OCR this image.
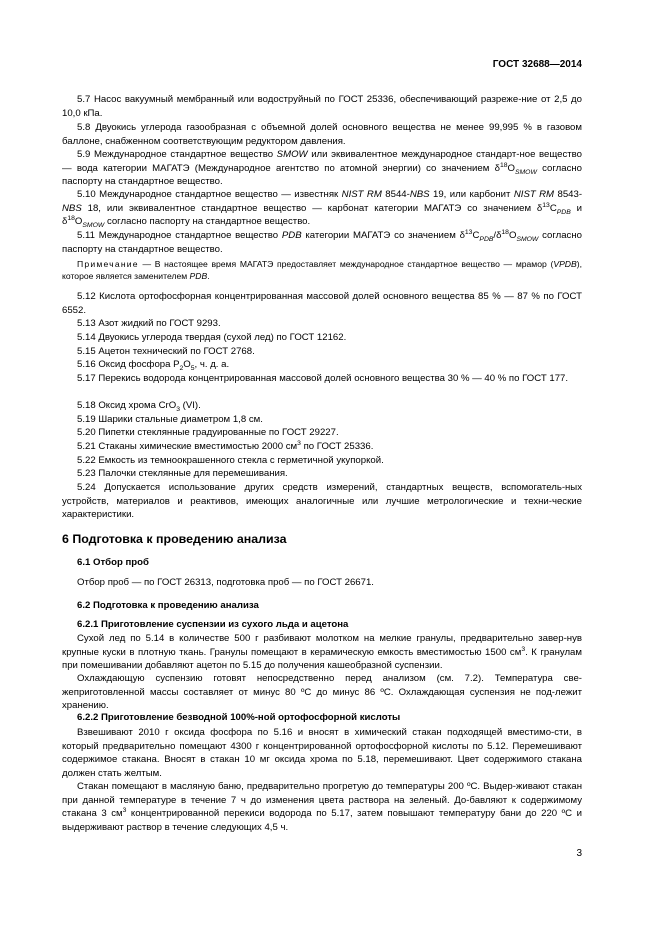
ГОСТ 32688—2014

5.7 Насос вакуумный мембранный или водоструйный по ГОСТ 25336, обеспечивающий разреже-ние от 2,5 до 10,0 кПа.

5.8 Двуокись углерода газообразная с объемной долей основного вещества не менее 99,995 % в газовом баллоне, снабженном соответствующим редуктором давления.

5.9 Международное стандартное вещество SMOW или эквивалентное международное стандарт-ное вещество — вода категории МАГАТЭ (Международное агентство по атомной энергии) со значением $\delta^{18}O_{SMOW}$ согласно паспорту на стандартное вещество.

5.10 Международное стандартное вещество — известняк NIST RM 8544-NBS 19, или карбонит NIST RM 8543-NBS 18, или эквивалентное стандартное вещество — карбонат категории МАГАТЭ со значением $\delta^{13}C_{PDB}$ и $\delta^{18}O_{SMOW}$ согласно паспорту на стандартное вещество.

5.11 Международное стандартное вещество PDB категории МАГАТЭ со значением $\delta^{13}C_{PDB}/\delta^{18}O_{SMOW}$ согласно паспорту на стандартное вещество.

Примечание — В настоящее время МАГАТЭ предоставляет международное стандартное вещество — мрамор (VPDB), которое является заменителем PDB.

5.12 Кислота ортофосфорная концентрированная массовой долей основного вещества 85 % — 87 % по ГОСТ 6552.

5.13 Азот жидкий по ГОСТ 9293.

5.14 Двуокись углерода твердая (сухой лед) по ГОСТ 12162.

5.15 Ацетон технический по ГОСТ 2768.

5.16 Оксид фосфора $P_2O_5$, ч. д. а.

5.17 Перекись водорода концентрированная массовой долей основного вещества 30 % — 40 % по ГОСТ 177.

5.18 Оксид хрома CrO$_3$ (VI).

5.19 Шарики стальные диаметром 1,8 см.

5.20 Пипетки стеклянные градуированные по ГОСТ 29227.

5.21 Стаканы химические вместимостью 2000 $см^3$ по ГОСТ 25336.

5.22 Емкость из темноокрашенного стекла с герметичной укупоркой.

5.23 Палочки стеклянные для перемешивания.

5.24 Допускается использование других средств измерений, стандартных веществ, вспомогатель-ных устройств, материалов и реактивов, имеющих аналогичные или лучшие метрологические и техни-ческие характеристики.

6 Подготовка к проведению анализа
6.1 Отбор проб

Отбор проб — по ГОСТ 26313, подготовка проб — по ГОСТ 26671.

6.2 Подготовка к проведению анализа
6.2.1 Приготовление суспензии из сухого льда и ацетона

Сухой лед по 5.14 в количестве 500 г разбивают молотком на мелкие гранулы, предварительно завер-нув крупные куски в плотную ткань. Гранулы помещают в керамическую емкость вместимостью 1500 $см^3$. К гранулам при помешивании добавляют ацетон по 5.15 до получения кашеобразной суспензии.

Охлаждающую суспензию готовят непосредственно перед анализом (см. 7.2). Температура све-жеприготовленной массы составляет от минус 80 ºС до минус 86 ºС. Охлаждающая суспензия не под-лежит хранению.

6.2.2 Приготовление безводной 100%-ной ортофосфорной кислоты

Взвешивают 2010 г оксида фосфора по 5.16 и вносят в химический стакан подходящей вместимо-сти, в который предварительно помещают 4300 г концентрированной ортофосфорной кислоты по 5.12. Перемешивают содержимое стакана. Вносят в стакан 10 мг оксида хрома по 5.18, перемешивают. Цвет содержимого стакана должен стать желтым.

Стакан помещают в масляную баню, предварительно прогретую до температуры 200 ºС. Выдер-живают стакан при данной температуре в течение 7 ч до изменения цвета раствора на зеленый. До-бавляют к содержимому стакана 3 $см^3$ концентрированной перекиси водорода по 5.17, затем повышают температуру бани до 220 ºС и выдерживают раствор в течение следующих 4,5 ч.

3
